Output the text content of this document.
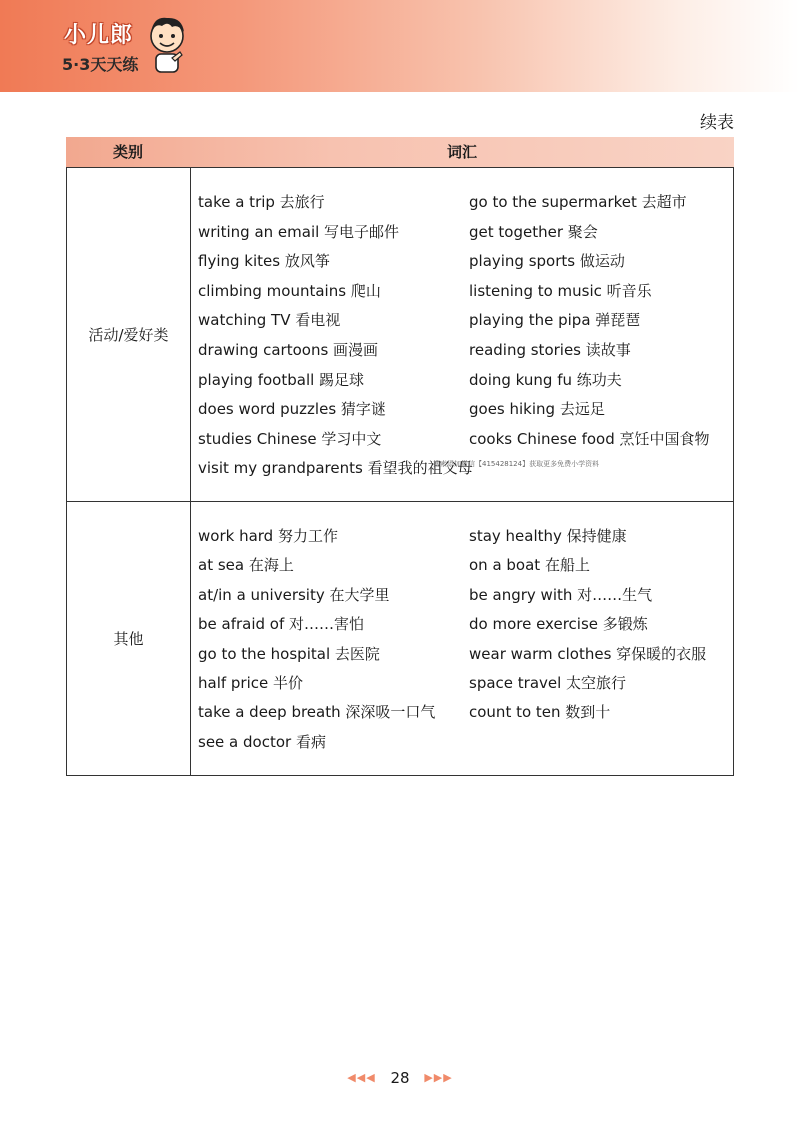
小儿郎
5·3天天练
续表
类别	词汇
活动/爱好类
take a trip 去旅行
writing an email 写电子邮件
flying kites 放风筝
climbing mountains 爬山
watching TV 看电视
drawing cartoons 画漫画
playing football 踢足球
does word puzzles 猜字谜
studies Chinese 学习中文
visit my grandparents 看望我的祖父母
go to the supermarket 去超市
get together 聚会
playing sports 做运动
listening to music 听音乐
playing the pipa 弹琵琶
reading stories 读故事
doing kung fu 练功夫
goes hiking 去远足
cooks Chinese food 烹饪中国食物
其他
work hard 努力工作
at sea 在海上
at/in a university 在大学里
be afraid of 对……害怕
go to the hospital 去医院
half price 半价
take a deep breath 深深吸一口气
see a doctor 看病
stay healthy 保持健康
on a boat 在船上
be angry with 对……生气
do more exercise 多锻炼
wear warm clothes 穿保暖的衣服
space travel 太空旅行
count to ten 数到十
搜索添加微信【415428124】获取更多免费小学资料
◀◀◀ 28 ▶▶▶
